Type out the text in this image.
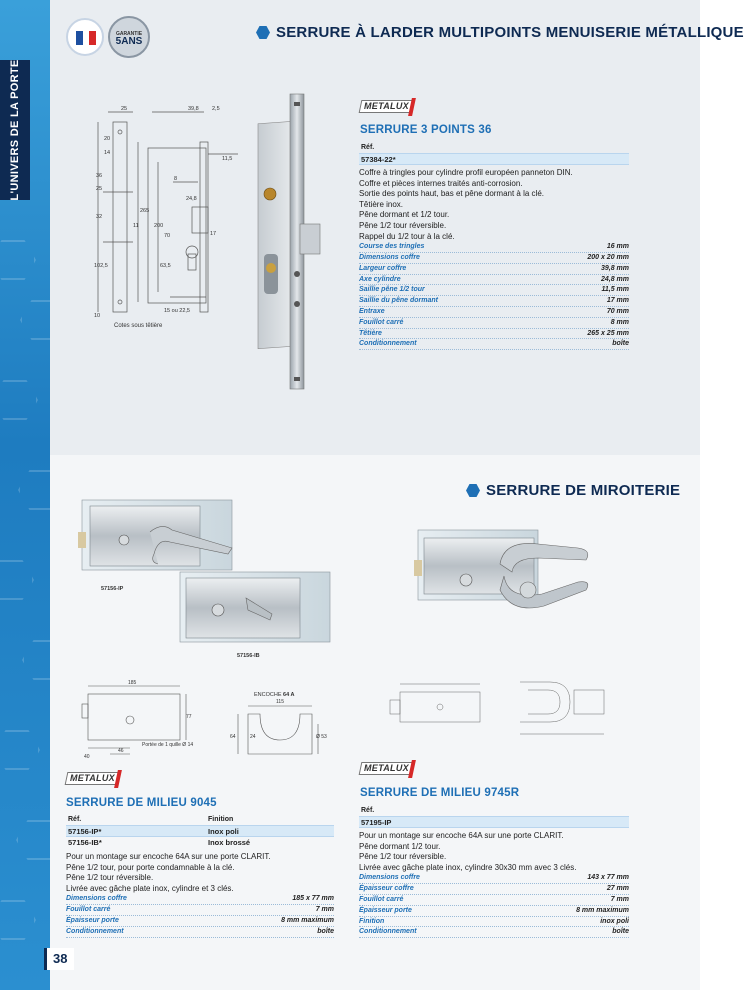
L'UNIVERS DE LA PORTE
GARANTIE
5ANS
SERRURE À LARDER MULTIPOINTS MENUISERIE MÉTALLIQUE
25	39,8 2,5
20
14
11,5
36
25
8
24,8
32
265
200
70	17
102,5	63,5
11
10
15 ou 22,5
Cotes sous têtière
METALUX
SERRURE 3 POINTS 36
Réf.
57384-22*
Coffre à tringles pour cylindre profil européen panneton DIN.
Coffre et pièces internes traités anti-corrosion.
Sortie des points haut, bas et pêne dormant à la clé.
Têtière inox.
Pêne dormant et 1/2 tour.
Pêne 1/2 tour réversible.
Rappel du 1/2 tour à la clé.
Course des tringles	16 mm
Dimensions coffre	200 x 20 mm
Largeur coffre	39,8 mm
Axe cylindre	24,8 mm
Saillie pêne 1/2 tour	11,5 mm
Saillie du pêne dormant	17 mm
Entraxe	70 mm
Fouillot carré	8 mm
Têtière	265 x 25 mm
Conditionnement	boîte
SERRURE DE MIROITERIE
57156-IP
57156-IB
185
77
40
46
Portée de 1 quille Ø 14
ENCOCHE 64 A
115
64	24	Ø 53
METALUX
SERRURE DE MILIEU 9045
Réf.	Finition
57156-IP*	Inox poli
57156-IB*	Inox brossé
Pour un montage sur encoche 64A sur une porte CLARIT.
Pêne 1/2 tour, pour porte condamnable à la clé.
Pêne 1/2 tour réversible.
Livrée avec gâche plate inox, cylindre et 3 clés.
Dimensions coffre	185 x 77 mm
Fouillot carré	7 mm
Épaisseur porte	8 mm maximum
Conditionnement	boîte
METALUX
SERRURE DE MILIEU 9745R
Réf.
57195-IP
Pour un montage sur encoche 64A sur une porte CLARIT.
Pêne dormant 1/2 tour.
Pêne 1/2 tour réversible.
Livrée avec gâche plate inox, cylindre 30x30 mm avec 3 clés.
Dimensions coffre	143 x 77 mm
Épaisseur coffre	27 mm
Fouillot carré	7 mm
Épaisseur porte	8 mm maximum
Finition	inox poli
Conditionnement	boîte
38
